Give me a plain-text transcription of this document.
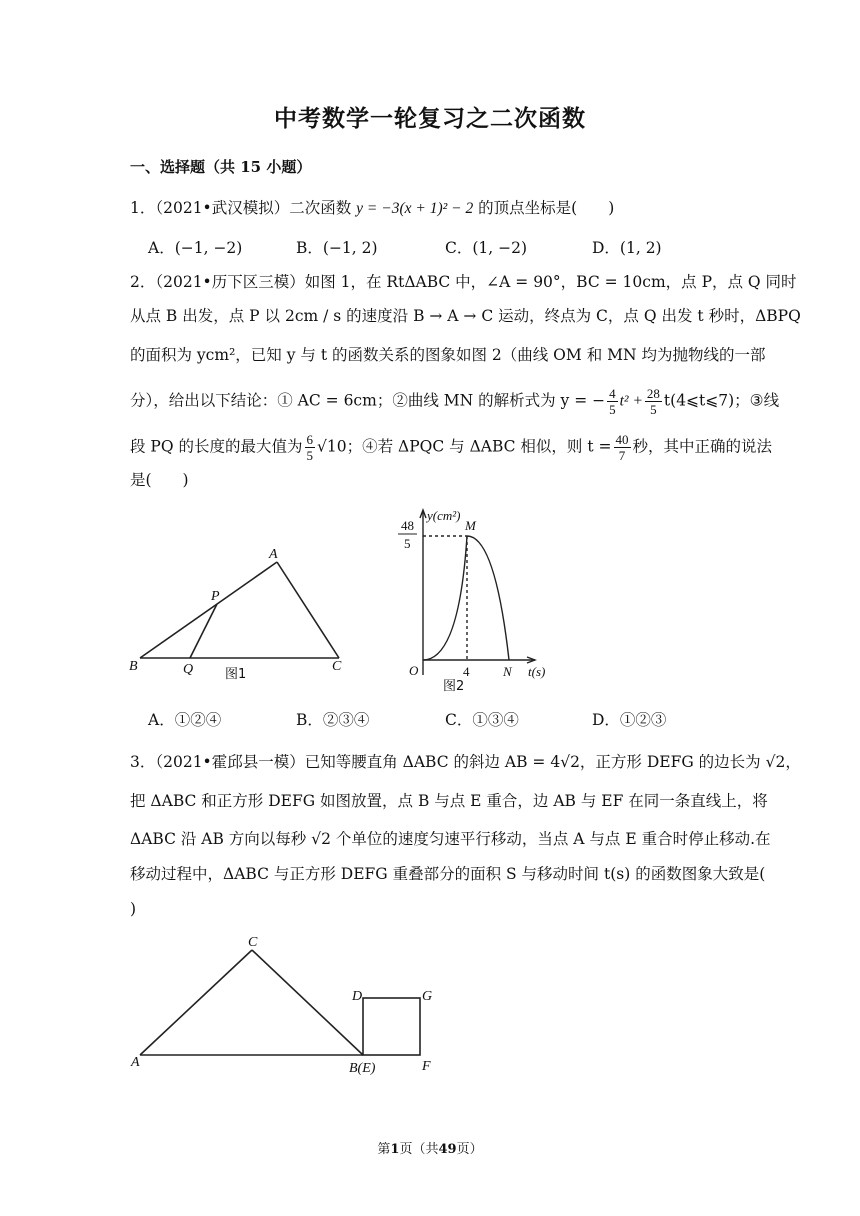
中考数学一轮复习之二次函数
一、选择题（共 15 小题）
1．（2021•武汉模拟）二次函数 y = −3(x + 1)² − 2 的顶点坐标是(　　)
A．(−1, −2)	B．(−1, 2)	C．(1, −2)	D．(1, 2)
2．（2021•历下区三模）如图 1，在 RtΔABC 中，∠A = 90°，BC = 10cm，点 P，点 Q 同时
从点 B 出发，点 P 以 2cm / s 的速度沿 B → A → C 运动，终点为 C，点 Q 出发 t 秒时，ΔBPQ
的面积为 ycm²，已知 y 与 t 的函数关系的图象如图 2（曲线 OM 和 MN 均为抛物线的一部
分），给出以下结论：① AC = 6cm；②曲线 MN 的解析式为 y = − $\frac{4}{5} t^2 + \frac{28}{5}$ t(4⩽t⩽7)；③线
段 PQ 的长度的最大值为 $\frac{6}{5} √10$；④若 ΔPQC 与 ΔABC 相似，则 $t = \frac{40}{7}$ 秒，其中正确的说法
是(　　)
A
B	C
P
Q 图1
48
5
y(cm²)
M
O	4	N t(s)
图2
A．①②④	B．②③④	C．①③④	D．①②③
3．（2021•霍邱县一模）已知等腰直角 ΔABC 的斜边 AB = 4√2，正方形 DEFG 的边长为 √2，
把 ΔABC 和正方形 DEFG 如图放置，点 B 与点 E 重合，边 AB 与 EF 在同一条直线上，将
ΔABC 沿 AB 方向以每秒 √2 个单位的速度匀速平行移动，当点 A 与点 E 重合时停止移动.在
移动过程中，ΔABC 与正方形 DEFG 重叠部分的面积 S 与移动时间 t(s) 的函数图象大致是(
)
C
A	B(E)
D	G
F
第1页（共49页）
